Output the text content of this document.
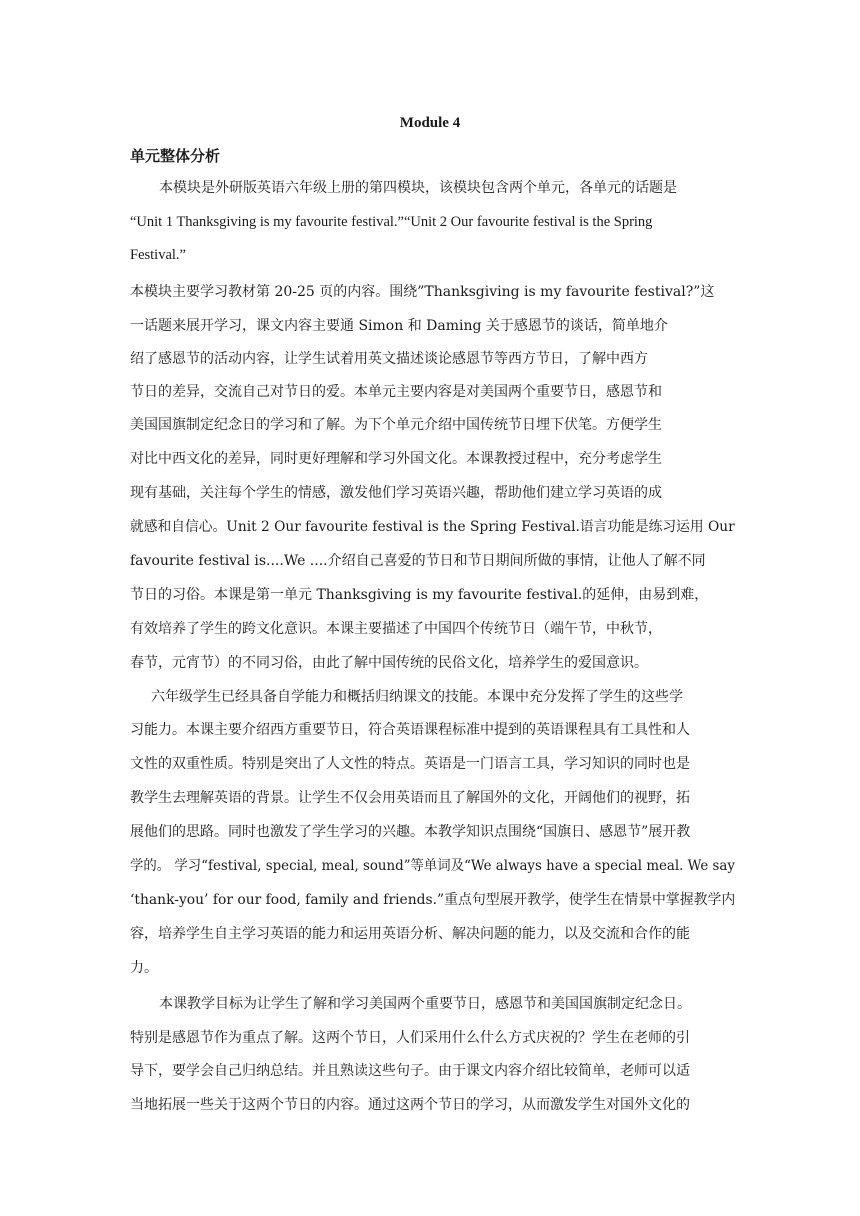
Module 4
单元整体分析
本模块是外研版英语六年级上册的第四模块，该模块包含两个单元，各单元的话题是
“Unit 1 Thanksgiving is my favourite festival.”“Unit 2 Our favourite festival is the Spring
Festival.”
本模块主要学习教材第 20-25 页的内容。围绕”Thanksgiving is my favourite festival?”这
一话题来展开学习，课文内容主要通 Simon 和 Daming 关于感恩节的谈话，简单地介
绍了感恩节的活动内容，让学生试着用英文描述谈论感恩节等西方节日，了解中西方
节日的差异，交流自己对节日的爱。本单元主要内容是对美国两个重要节日，感恩节和
美国国旗制定纪念日的学习和了解。为下个单元介绍中国传统节日埋下伏笔。方便学生
对比中西文化的差异，同时更好理解和学习外国文化。本课教授过程中，充分考虑学生
现有基础，关注每个学生的情感，激发他们学习英语兴趣，帮助他们建立学习英语的成
就感和自信心。Unit 2 Our favourite festival is the Spring Festival.语言功能是练习运用 Our
favourite festival is....We ....介绍自己喜爱的节日和节日期间所做的事情，让他人了解不同
节日的习俗。本课是第一单元 Thanksgiving is my favourite festival.的延伸，由易到难，
有效培养了学生的跨文化意识。本课主要描述了中国四个传统节日（端午节，中秋节，
春节，元宵节）的不同习俗，由此了解中国传统的民俗文化，培养学生的爱国意识。
六年级学生已经具备自学能力和概括归纳课文的技能。本课中充分发挥了学生的这些学
习能力。本课主要介绍西方重要节日，符合英语课程标准中提到的英语课程具有工具性和人
文性的双重性质。特别是突出了人文性的特点。英语是一门语言工具，学习知识的同时也是
教学生去理解英语的背景。让学生不仅会用英语而且了解国外的文化，开阔他们的视野，拓
展他们的思路。同时也激发了学生学习的兴趣。本教学知识点围绕“国旗日、感恩节”展开教
学的。 学习“festival, special, meal, sound”等单词及“We always have a special meal. We say
‘thank-you’ for our food, family and friends.”重点句型展开教学，使学生在情景中掌握教学内
容，培养学生自主学习英语的能力和运用英语分析、解决问题的能力，以及交流和合作的能
力。
本课教学目标为让学生了解和学习美国两个重要节日，感恩节和美国国旗制定纪念日。
特别是感恩节作为重点了解。这两个节日，人们采用什么什么方式庆祝的？学生在老师的引
导下，要学会自己归纳总结。并且熟读这些句子。由于课文内容介绍比较简单，老师可以适
当地拓展一些关于这两个节日的内容。通过这两个节日的学习，从而激发学生对国外文化的
